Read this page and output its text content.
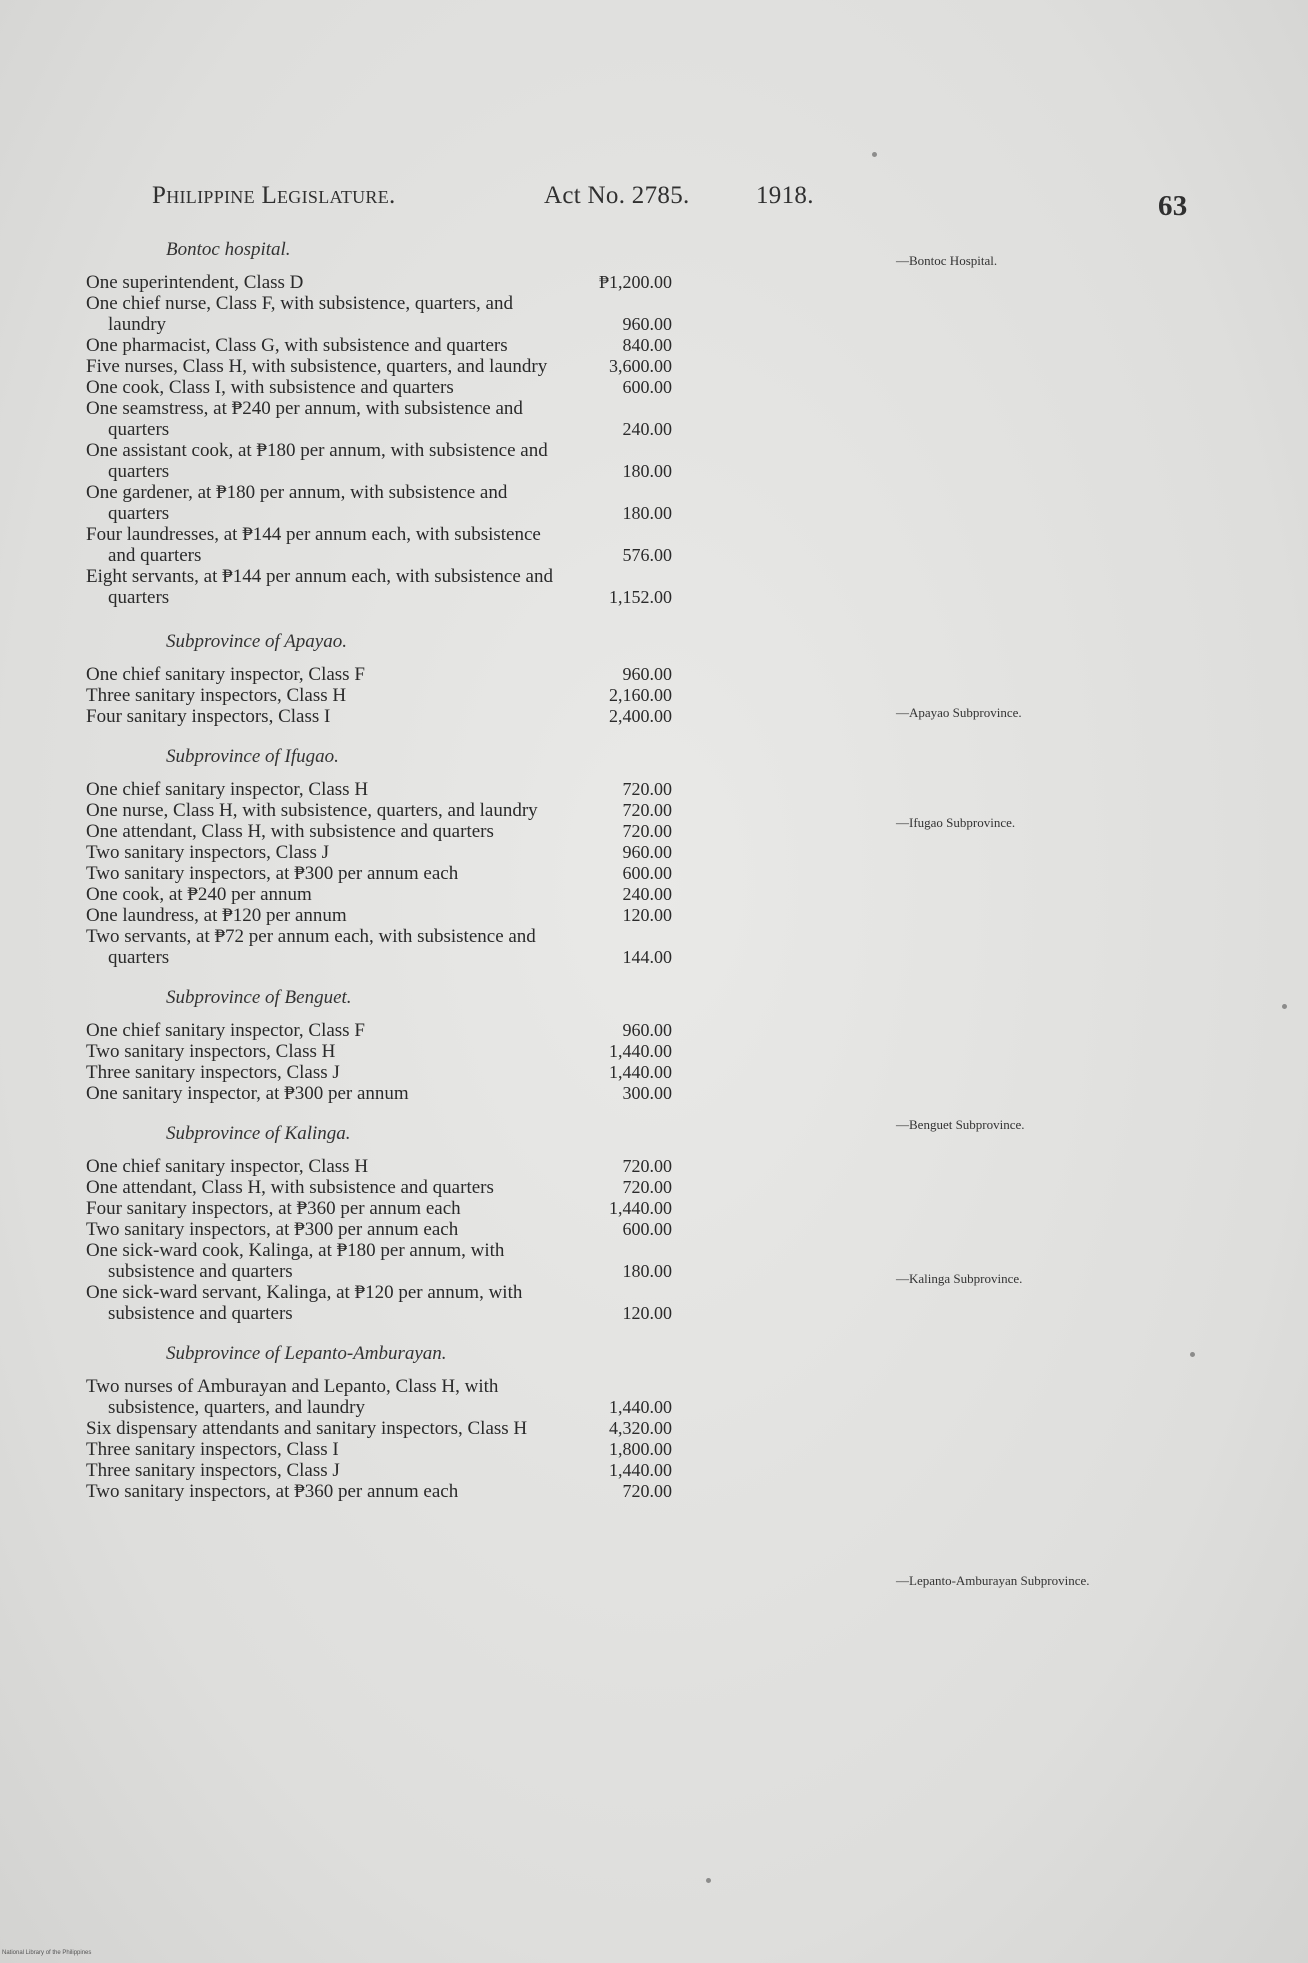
Philippine Legislature.	Act No. 2785.	1918.	63
Bontoc hospital.
One superintendent, Class D	₱1,200.00
One chief nurse, Class F, with subsistence, quarters, and laundry	960.00
One pharmacist, Class G, with subsistence and quarters	840.00
Five nurses, Class H, with subsistence, quarters, and laundry	3,600.00
One cook, Class I, with subsistence and quarters	600.00
One seamstress, at ₱240 per annum, with subsistence and quarters	240.00
One assistant cook, at ₱180 per annum, with subsistence and quarters	180.00
One gardener, at ₱180 per annum, with subsistence and quarters	180.00
Four laundresses, at ₱144 per annum each, with subsistence and quarters	576.00
Eight servants, at ₱144 per annum each, with subsistence and quarters	1,152.00
Subprovince of Apayao.
One chief sanitary inspector, Class F	960.00
Three sanitary inspectors, Class H	2,160.00
Four sanitary inspectors, Class I	2,400.00
Subprovince of Ifugao.
One chief sanitary inspector, Class H	720.00
One nurse, Class H, with subsistence, quarters, and laundry	720.00
One attendant, Class H, with subsistence and quarters	720.00
Two sanitary inspectors, Class J	960.00
Two sanitary inspectors, at ₱300 per annum each	600.00
One cook, at ₱240 per annum	240.00
One laundress, at ₱120 per annum	120.00
Two servants, at ₱72 per annum each, with subsistence and quarters	144.00
Subprovince of Benguet.
One chief sanitary inspector, Class F	960.00
Two sanitary inspectors, Class H	1,440.00
Three sanitary inspectors, Class J	1,440.00
One sanitary inspector, at ₱300 per annum	300.00
Subprovince of Kalinga.
One chief sanitary inspector, Class H	720.00
One attendant, Class H, with subsistence and quarters	720.00
Four sanitary inspectors, at ₱360 per annum each	1,440.00
Two sanitary inspectors, at ₱300 per annum each	600.00
One sick-ward cook, Kalinga, at ₱180 per annum, with subsistence and quarters	180.00
One sick-ward servant, Kalinga, at ₱120 per annum, with subsistence and quarters	120.00
Subprovince of Lepanto-Amburayan.
Two nurses of Amburayan and Lepanto, Class H, with subsistence, quarters, and laundry	1,440.00
Six dispensary attendants and sanitary inspectors, Class H	4,320.00
Three sanitary inspectors, Class I	1,800.00
Three sanitary inspectors, Class J	1,440.00
Two sanitary inspectors, at ₱360 per annum each	720.00
—Bontoc Hospital.
—Apayao Subprovince.
—Ifugao Subprovince.
—Benguet Subprovince.
—Kalinga Subprovince.
—Lepanto-Amburayan Subprovince.
National Library of the Philippines
